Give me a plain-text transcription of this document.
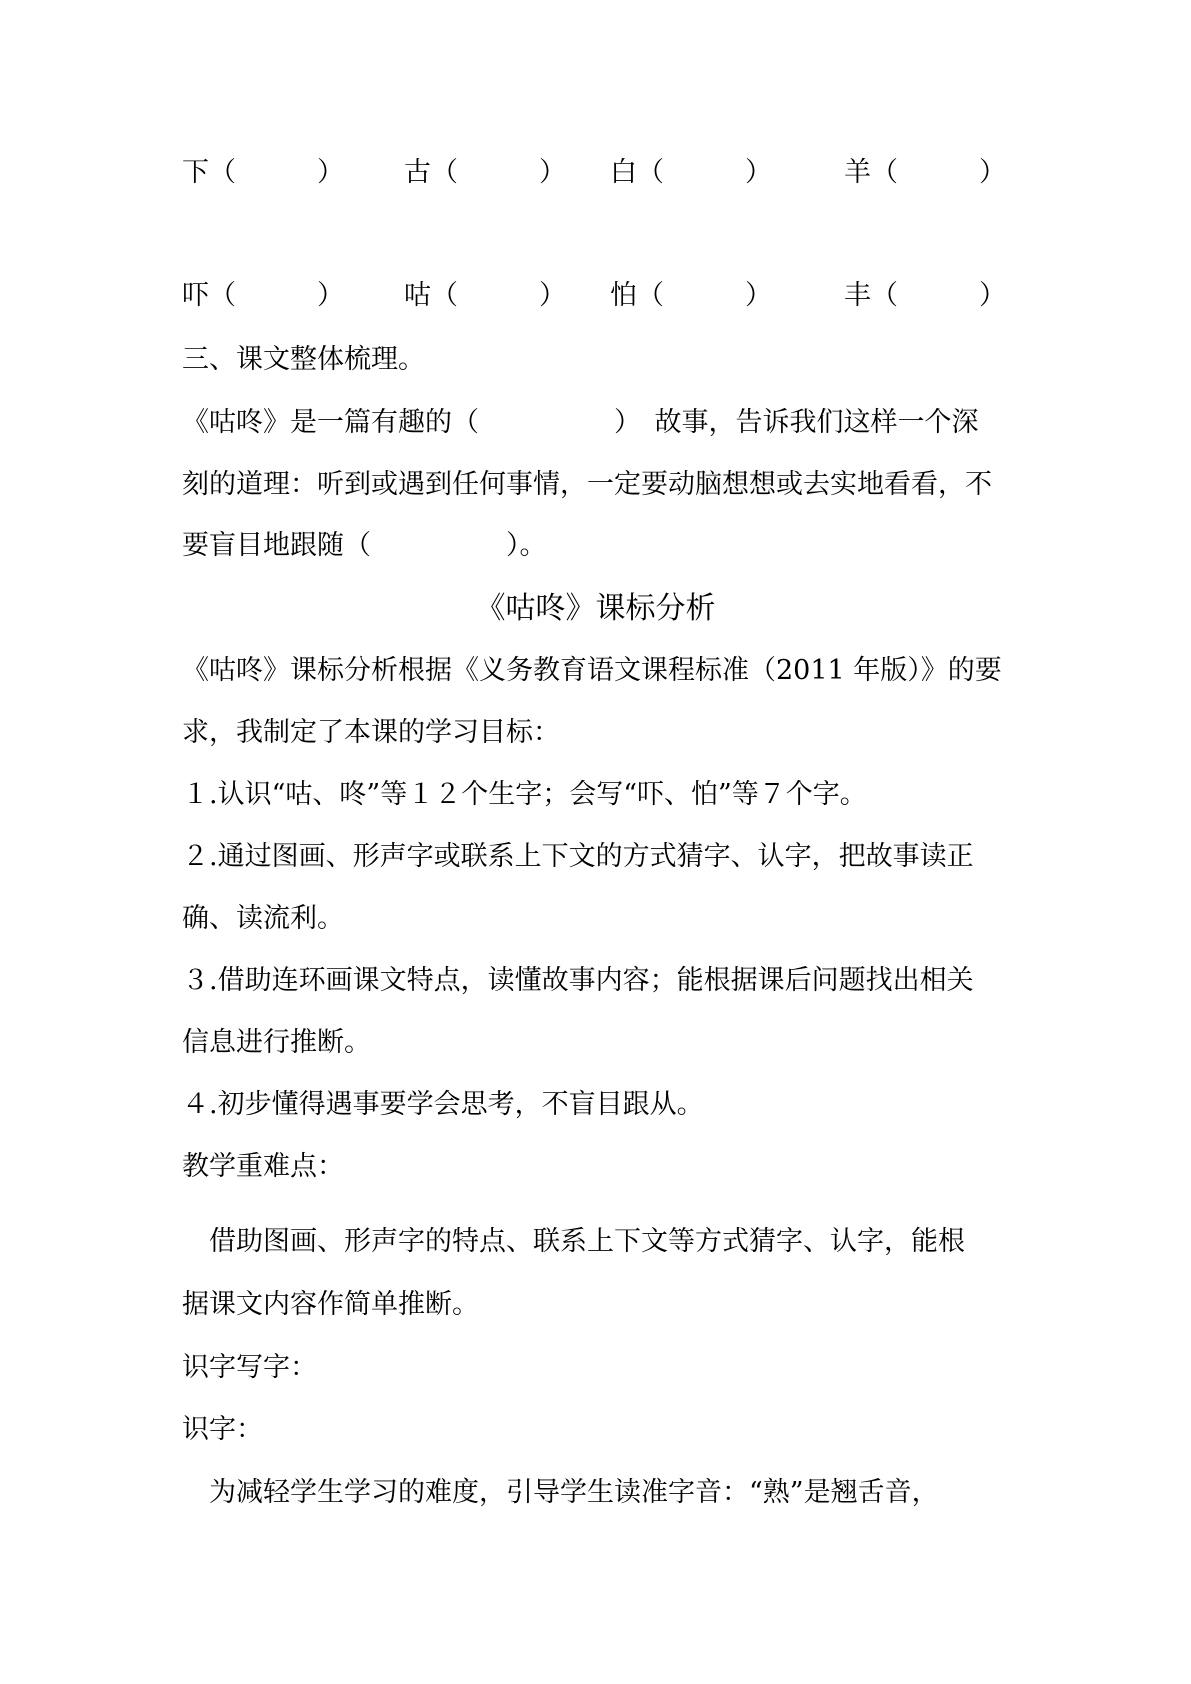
下（　　　） 古（　　　） 白（　　　）	羊（　　　）
吓（　　　） 咕（　　　） 怕（　　　）	丰（　　　）
三、课文整体梳理。
《咕咚》是一篇有趣的（　　　　　）　故事，告诉我们这样一个深
刻的道理：听到或遇到任何事情，一定要动脑想想或去实地看看，不
要盲目地跟随（　　　　　）。
《咕咚》课标分析
《咕咚》课标分析根据《义务教育语文课程标准（2011 年版）》的要
求，我制定了本课的学习目标：
１.认识“咕、咚”等１２个生字；会写“吓、怕”等７个字。
２.通过图画、形声字或联系上下文的方式猜字、认字，把故事读正
确、读流利。
３.借助连环画课文特点，读懂故事内容；能根据课后问题找出相关
信息进行推断。
４.初步懂得遇事要学会思考，不盲目跟从。
教学重难点：
　借助图画、形声字的特点、联系上下文等方式猜字、认字，能根
据课文内容作简单推断。
识字写字：
识字：
　为减轻学生学习的难度，引导学生读准字音：“熟”是翘舌音，
